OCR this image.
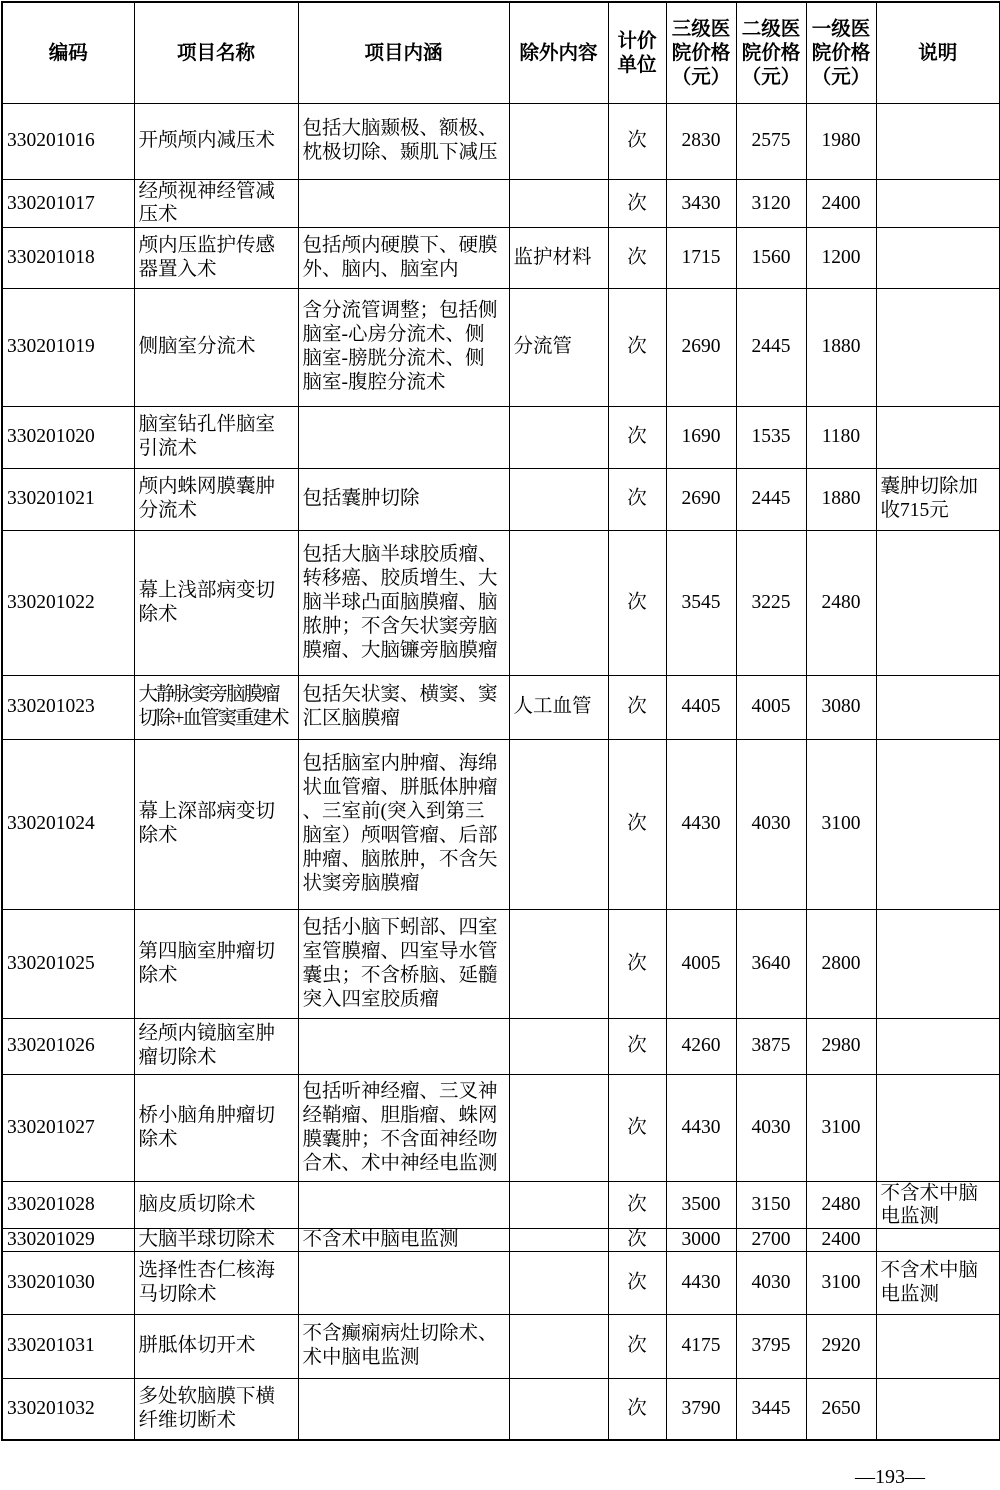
编码	项目名称	项目内涵	除外内容	计价单位	三级医院价格（元）	二级医院价格（元）	一级医院价格（元）	说明
330201016	开颅颅内减压术	包括大脑颞极、额极、枕极切除、颞肌下减压		次	2830	2575	1980	
330201017	经颅视神经管减压术			次	3430	3120	2400	
330201018	颅内压监护传感器置入术	包括颅内硬膜下、硬膜外、脑内、脑室内	监护材料	次	1715	1560	1200	
330201019	侧脑室分流术	含分流管调整；包括侧脑室-心房分流术、侧脑室-膀胱分流术、侧脑室-腹腔分流术	分流管	次	2690	2445	1880	
330201020	脑室钻孔伴脑室引流术			次	1690	1535	1180	
330201021	颅内蛛网膜囊肿分流术	包括囊肿切除		次	2690	2445	1880	囊肿切除加收715元
330201022	幕上浅部病变切除术	包括大脑半球胶质瘤、转移癌、胶质增生、大脑半球凸面脑膜瘤、脑脓肿；不含矢状窦旁脑膜瘤、大脑镰旁脑膜瘤		次	3545	3225	2480	
330201023	大静脉窦旁脑膜瘤切除+血管窦重建术	包括矢状窦、横窦、窦汇区脑膜瘤	人工血管	次	4405	4005	3080	
330201024	幕上深部病变切除术	包括脑室内肿瘤、海绵状血管瘤、胼胝体肿瘤、三室前(突入到第三脑室）颅咽管瘤、后部肿瘤、脑脓肿，不含矢状窦旁脑膜瘤		次	4430	4030	3100	
330201025	第四脑室肿瘤切除术	包括小脑下蚓部、四室室管膜瘤、四室导水管囊虫；不含桥脑、延髓突入四室胶质瘤		次	4005	3640	2800	
330201026	经颅内镜脑室肿瘤切除术			次	4260	3875	2980	
330201027	桥小脑角肿瘤切除术	包括听神经瘤、三叉神经鞘瘤、胆脂瘤、蛛网膜囊肿；不含面神经吻合术、术中神经电监测		次	4430	4030	3100	
330201028	脑皮质切除术			次	3500	3150	2480	不含术中脑电监测
330201029	大脑半球切除术	不含术中脑电监测		次	3000	2700	2400	
330201030	选择性杏仁核海马切除术			次	4430	4030	3100	不含术中脑电监测
330201031	胼胝体切开术	不含癫痫病灶切除术、术中脑电监测		次	4175	3795	2920	
330201032	多处软脑膜下横纤维切断术			次	3790	3445	2650	
—193—
